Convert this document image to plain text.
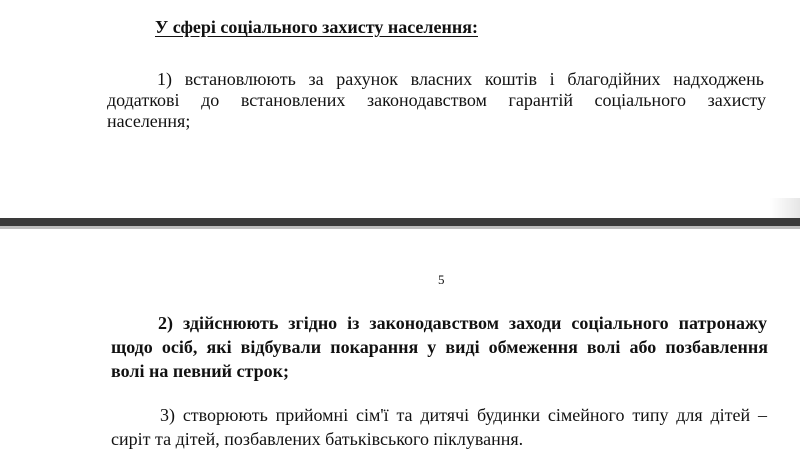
У сфері соціального захисту населення:

1) встановлюють за рахунок власних коштів і благодійних надходжень

додаткові до встановлених законодавством гарантій соціального захисту

населення;

5

2) здійснюють згідно із законодавством заходи соціального патронажу

щодо осіб, які відбували покарання у виді обмеження волі або позбавлення

волі на певний строк;

3) створюють прийомні сім'ї та дитячі будинки сімейного типу для дітей –

сиріт та дітей, позбавлених батьківського піклування.
